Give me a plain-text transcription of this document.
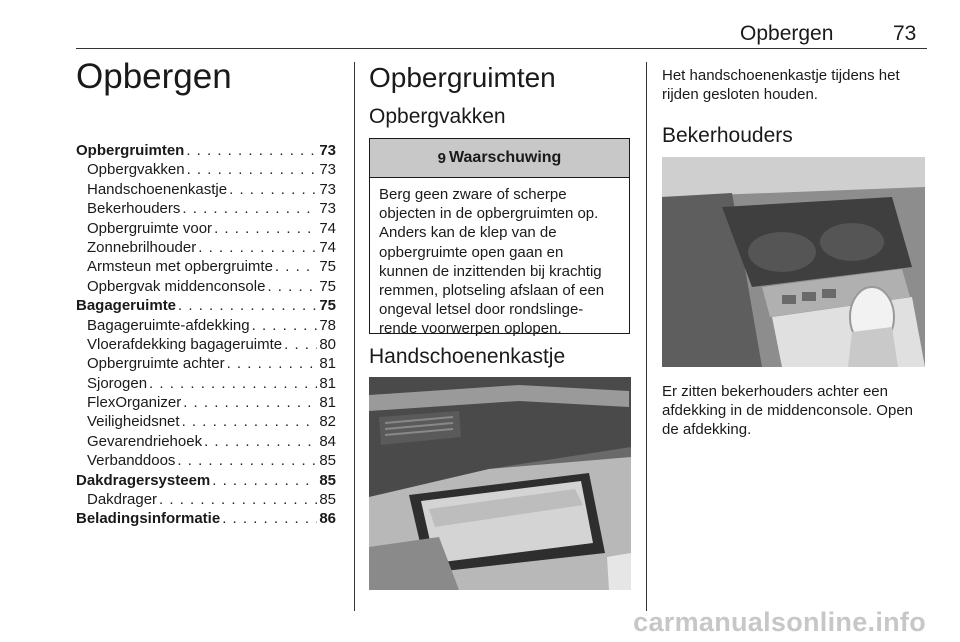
Opbergen	73
Opbergen
Opbergruimten . . .	73
Opbergvakken . . .	73
Handschoenenkastje . . .	73
Bekerhouders . . .	73
Opbergruimte voor . . .	74
Zonnebrilhouder . . .	74
Armsteun met opbergruimte . . .	75
Opbergvak middenconsole . . .	75
Bagageruimte . . .	75
Bagageruimte-afdekking . . .	78
Vloerafdekking bagageruimte . . . 80
Opbergruimte achter . . .	81
Sjorogen . . .	81
FlexOrganizer . . .	81
Veiligheidsnet . . .	82
Gevarendriehoek . . .	84
Verbanddoos . . .	85
Dakdragersysteem . . .	85
Dakdrager . . .	85
Beladingsinformatie . . .	86
Opbergruimten
Opbergvakken
9 Waarschuwing
Berg geen zware of scherpe
objecten in de opbergruimten op.
Anders kan de klep van de
opbergruimte open gaan en
kunnen de inzittenden bij krachtig
remmen, plotseling afslaan of een
ongeval letsel door rondslinge-
rende voorwerpen oplopen.
Handschoenenkastje
Het handschoenenkastje tijdens het
rijden gesloten houden.
Bekerhouders
Er zitten bekerhouders achter een
afdekking in de middenconsole. Open
de afdekking.
carmanualsonline.info
